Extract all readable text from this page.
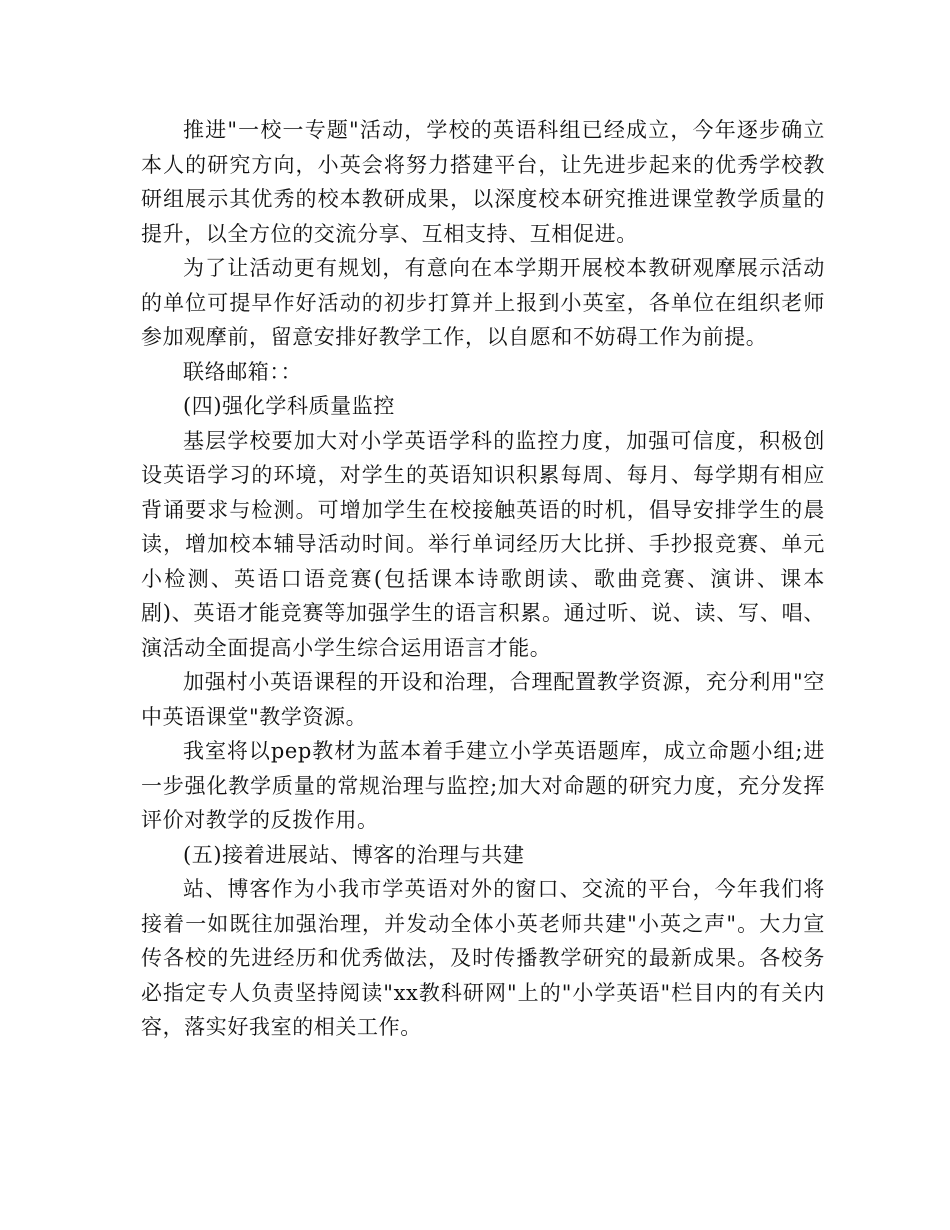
推进"一校一专题"活动，学校的英语科组已经成立，今年逐步确立本人的研究方向，小英会将努力搭建平台，让先进步起来的优秀学校教研组展示其优秀的校本教研成果，以深度校本研究推进课堂教学质量的提升，以全方位的交流分享、互相支持、互相促进。

为了让活动更有规划，有意向在本学期开展校本教研观摩展示活动的单位可提早作好活动的初步打算并上报到小英室，各单位在组织老师参加观摩前，留意安排好教学工作，以自愿和不妨碍工作为前提。

联络邮箱：：

(四)强化学科质量监控

基层学校要加大对小学英语学科的监控力度，加强可信度，积极创设英语学习的环境，对学生的英语知识积累每周、每月、每学期有相应背诵要求与检测。可增加学生在校接触英语的时机，倡导安排学生的晨读，增加校本辅导活动时间。举行单词经历大比拼、手抄报竞赛、单元小检测、英语口语竞赛(包括课本诗歌朗读、歌曲竞赛、演讲、课本剧)、英语才能竞赛等加强学生的语言积累。通过听、说、读、写、唱、演活动全面提高小学生综合运用语言才能。

加强村小英语课程的开设和治理，合理配置教学资源，充分利用"空中英语课堂"教学资源。

我室将以pep教材为蓝本着手建立小学英语题库，成立命题小组;进一步强化教学质量的常规治理与监控;加大对命题的研究力度，充分发挥评价对教学的反拨作用。

(五)接着进展站、博客的治理与共建

站、博客作为小我市学英语对外的窗口、交流的平台，今年我们将接着一如既往加强治理，并发动全体小英老师共建"小英之声"。大力宣传各校的先进经历和优秀做法，及时传播教学研究的最新成果。各校务必指定专人负责坚持阅读"xx教科研网"上的"小学英语"栏目内的有关内容，落实好我室的相关工作。
